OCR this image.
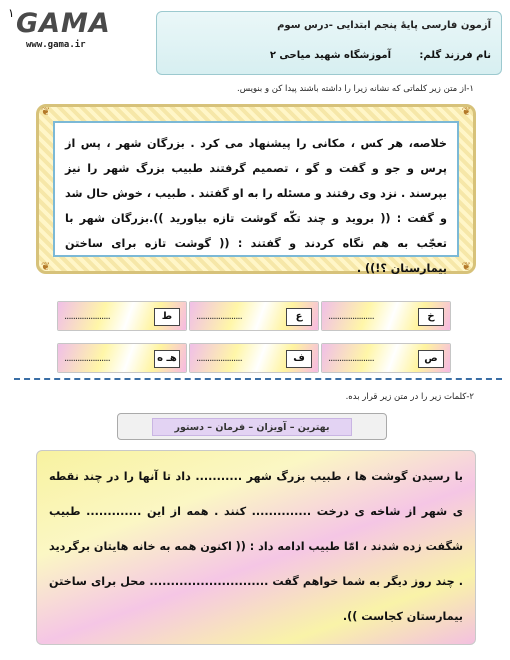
١ GAMA
www.gama.ir
آزمون فارسی پایۀ پنجم ابتدایی -درس سوم
نام فرزند گلم:
آموزشگاه شهید میاحی ٢
١-از متن زیر کلماتی که نشانه زیرا را داشته باشند پیدا کن و بنویس.
❦	❦
❦	❦
خلاصه، هر کس ، مکانی را پیشنهاد می کرد . بزرگان شهر ، پس از پرس و جو و گفت و گو ، تصمیم گرفتند طبیب بزرگ شهر را نیز بپرسند . نزد وی رفتند و مسئله را به او گفتند . طبیب ، خوش حال شد و گفت : (( بروید و چند تکّه گوشت تازه بیاورید )).بزرگان شهر با تعجّب به هم نگاه کردند و گفتند : (( گوشت تازه برای ساختن بیمارستان ؟!)) .
خ
.....................
ع
.....................
ط
.....................
ص
.....................
ف
.....................
هـ ه
.....................
٢-کلمات زیر را در متن زیر قرار بده.
بهترین – آویزان – فرمان – دستور
با رسیدن گوشت ها ، طبیب بزرگ شهر ........... داد تا آنها را در چند نقطه ی شهر از شاخه ی درخت .............. کنند . همه از این ............. طبیب شگفت زده شدند ، امّا طبیب ادامه داد : (( اکنون همه به خانه هایتان برگردید . چند روز دیگر به شما خواهم گفت ............................ محل برای ساختن بیمارستان کجاست )).
